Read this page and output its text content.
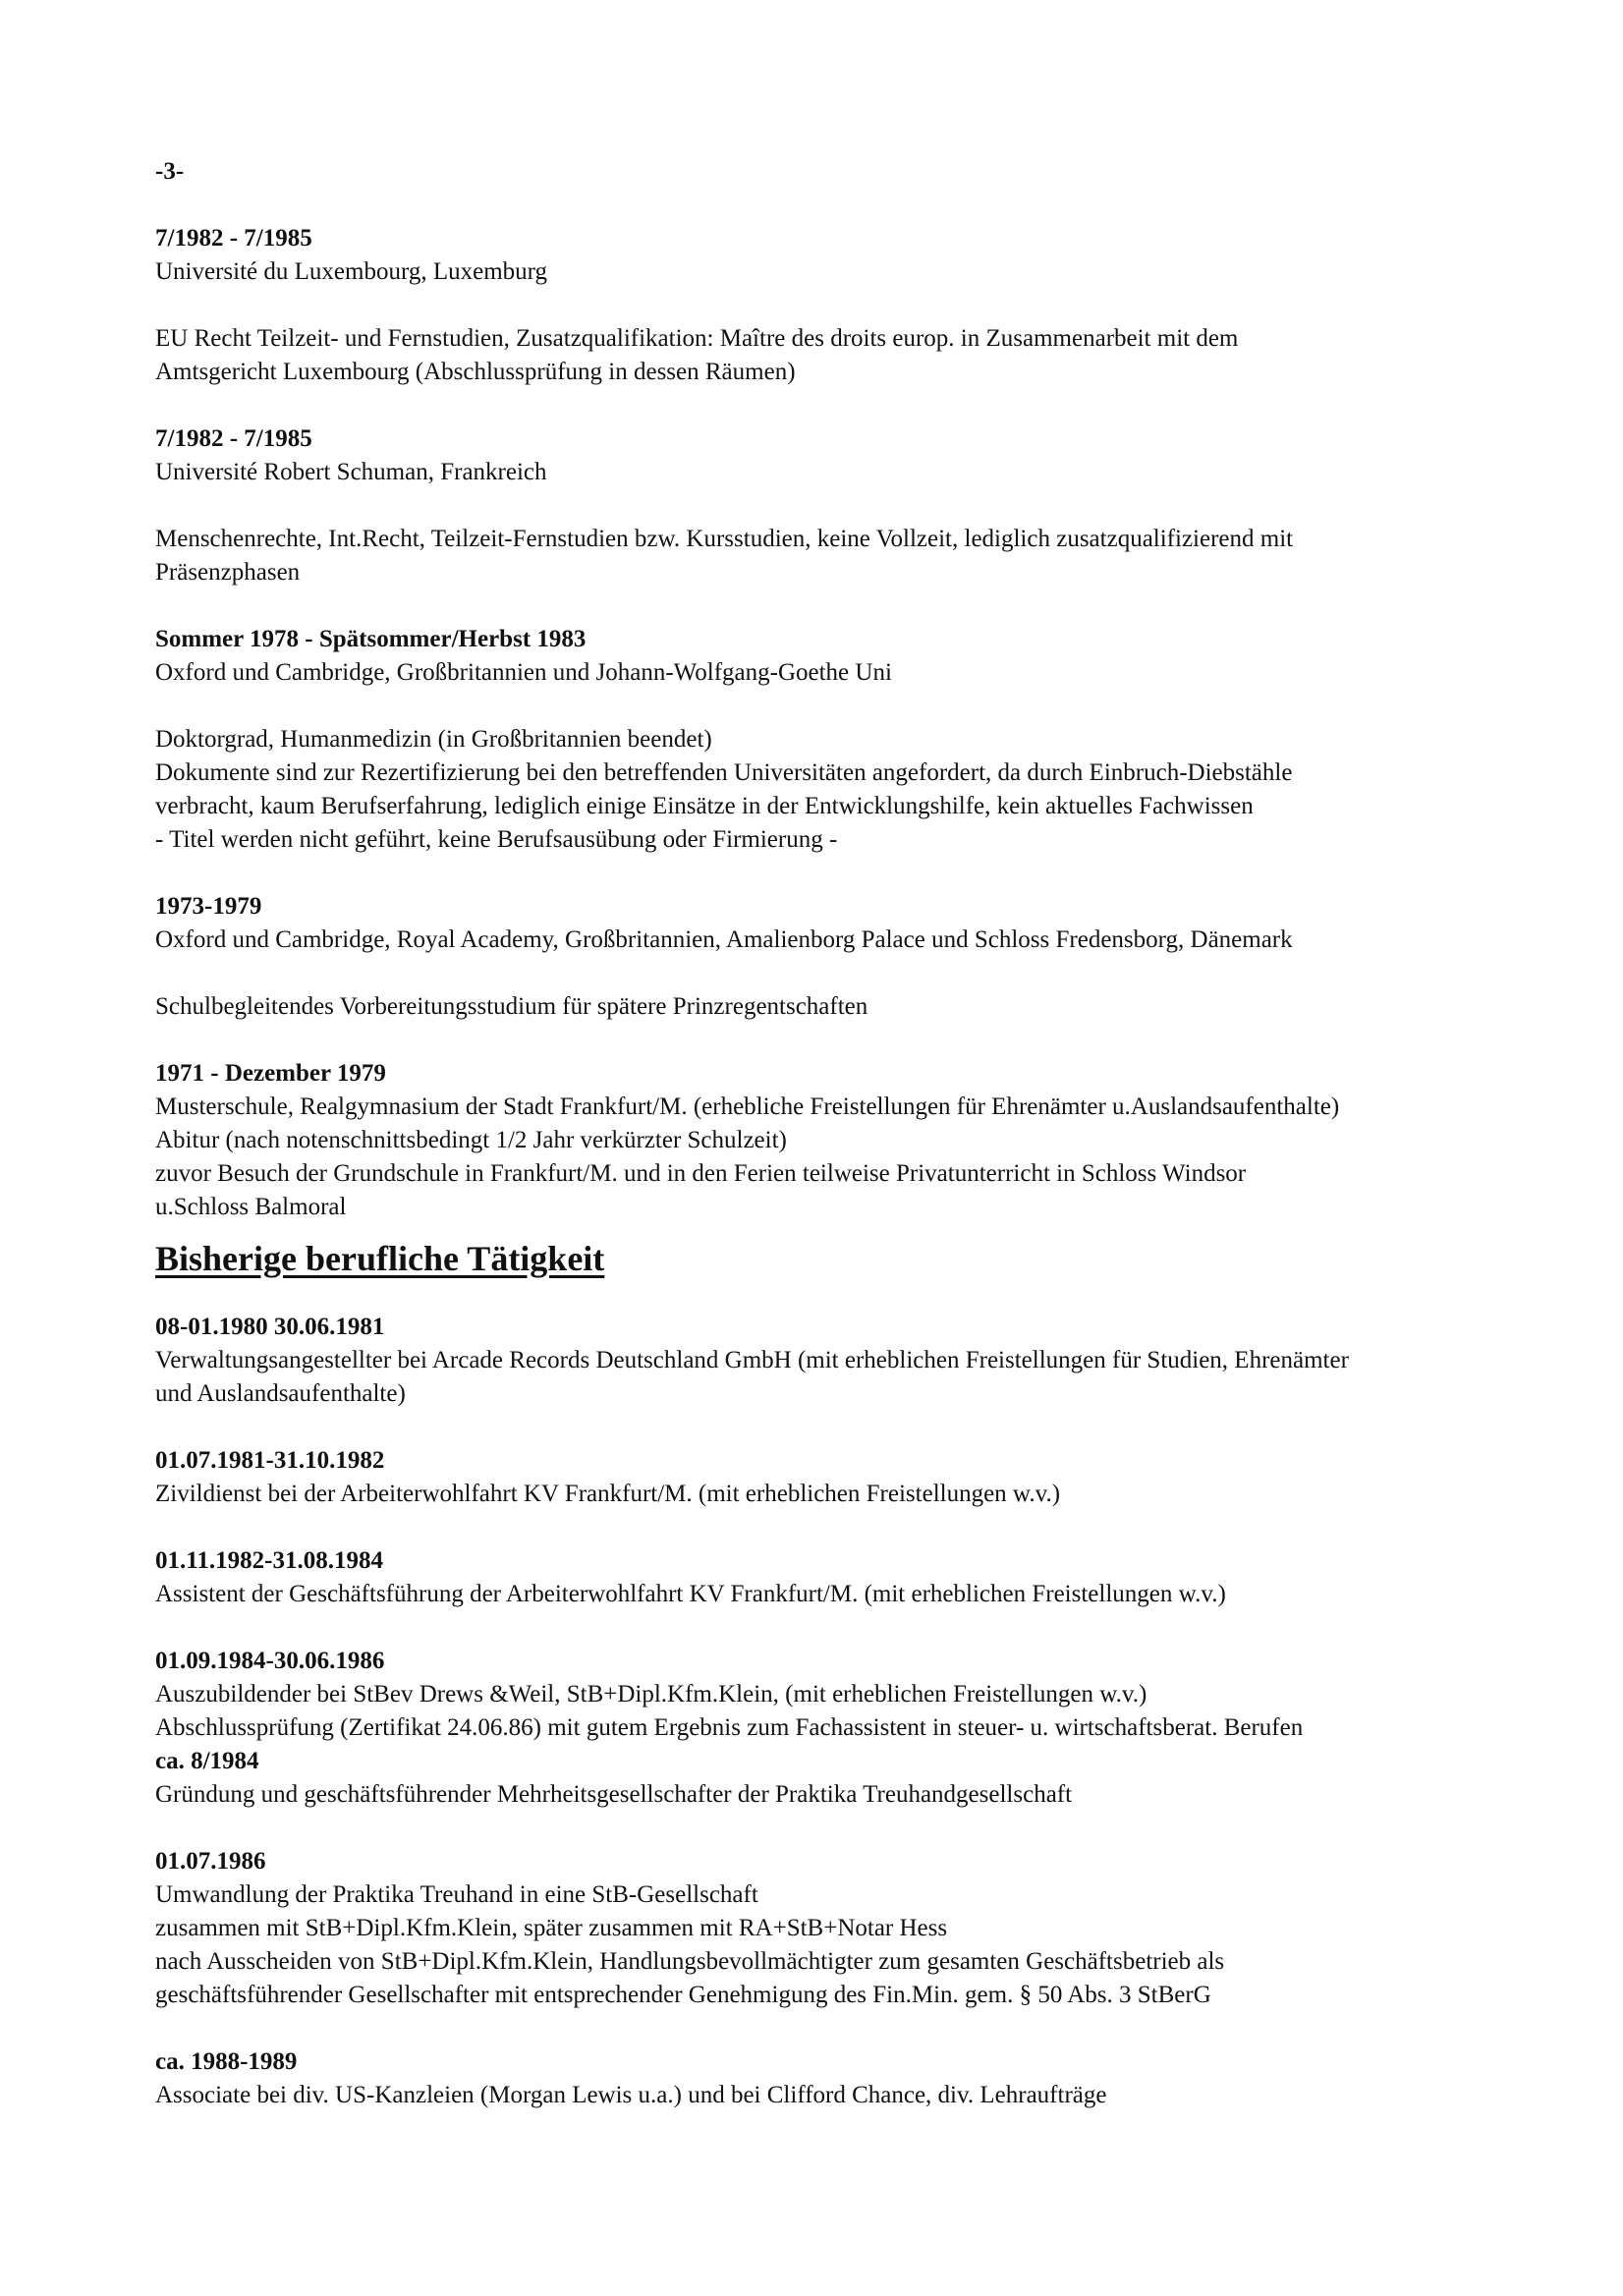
-3-
7/1982 - 7/1985
Université du Luxembourg, Luxemburg
EU Recht Teilzeit- und Fernstudien, Zusatzqualifikation: Maître des droits europ. in Zusammenarbeit mit dem
Amtsgericht Luxembourg (Abschlussprüfung in dessen Räumen)
7/1982 - 7/1985
Université Robert Schuman, Frankreich
Menschenrechte, Int.Recht, Teilzeit-Fernstudien bzw. Kursstudien, keine Vollzeit, lediglich zusatzqualifizierend mit
Präsenzphasen
Sommer 1978 - Spätsommer/Herbst 1983
Oxford und Cambridge, Großbritannien und Johann-Wolfgang-Goethe Uni
Doktorgrad, Humanmedizin (in Großbritannien beendet)
Dokumente sind zur Rezertifizierung bei den betreffenden Universitäten angefordert, da durch Einbruch-Diebstähle
verbracht, kaum Berufserfahrung, lediglich einige Einsätze in der Entwicklungshilfe, kein aktuelles Fachwissen
- Titel werden nicht geführt, keine Berufsausübung oder Firmierung -
1973-1979
Oxford und Cambridge, Royal Academy, Großbritannien, Amalienborg Palace und Schloss Fredensborg, Dänemark
Schulbegleitendes Vorbereitungsstudium für spätere Prinzregentschaften
1971 - Dezember 1979
Musterschule, Realgymnasium der Stadt Frankfurt/M. (erhebliche Freistellungen für Ehrenämter u.Auslandsaufenthalte)
Abitur (nach notenschnittsbedingt 1/2 Jahr verkürzter Schulzeit)
zuvor Besuch der Grundschule in Frankfurt/M. und in den Ferien teilweise Privatunterricht in Schloss Windsor
u.Schloss Balmoral
Bisherige berufliche Tätigkeit
08-01.1980 30.06.1981
Verwaltungsangestellter bei Arcade Records Deutschland GmbH (mit erheblichen Freistellungen für Studien, Ehrenämter
und Auslandsaufenthalte)
01.07.1981-31.10.1982
Zivildienst bei der Arbeiterwohlfahrt KV Frankfurt/M. (mit erheblichen Freistellungen w.v.)
01.11.1982-31.08.1984
Assistent der Geschäftsführung der Arbeiterwohlfahrt KV Frankfurt/M. (mit erheblichen Freistellungen w.v.)
01.09.1984-30.06.1986
Auszubildender bei StBev Drews &Weil, StB+Dipl.Kfm.Klein, (mit erheblichen Freistellungen w.v.)
Abschlussprüfung (Zertifikat 24.06.86) mit gutem Ergebnis zum Fachassistent in steuer- u. wirtschaftsberat. Berufen
ca. 8/1984
Gründung und geschäftsführender Mehrheitsgesellschafter der Praktika Treuhandgesellschaft
01.07.1986
Umwandlung der Praktika Treuhand in eine StB-Gesellschaft
zusammen mit StB+Dipl.Kfm.Klein, später zusammen mit RA+StB+Notar Hess
nach Ausscheiden von StB+Dipl.Kfm.Klein, Handlungsbevollmächtigter zum gesamten Geschäftsbetrieb als
geschäftsführender Gesellschafter mit entsprechender Genehmigung des Fin.Min. gem. § 50 Abs. 3 StBerG
ca. 1988-1989
Associate bei div. US-Kanzleien (Morgan Lewis u.a.) und bei Clifford Chance, div. Lehraufträge
